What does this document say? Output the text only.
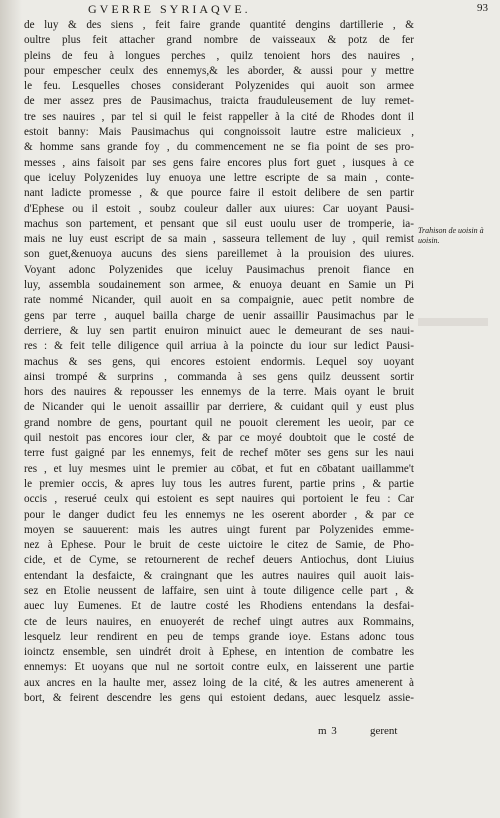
GVERRE SYRIAQVE.	93
de luy & des siens , feit faire grande quantité dengins dartillerie , &
oultre plus feit attacher grand nombre de vaisseaux & potz de fer
pleins de feu à longues perches , quilz tenoient hors des nauires ,
pour empescher ceulx des ennemys,& les aborder, & aussi pour y mettre
le feu. Lesquelles choses considerant Polyzenides qui auoit son armee
de mer assez pres de Pausimachus, traicta frauduleusement de luy remet-
tre ses nauires , par tel si quil le feist rappeller à la cité de Rhodes dont il
estoit banny: Mais Pausimachus qui congnoissoit lautre estre malicieux ,
& homme sans grande foy , du commencement ne se fia point de ses pro-
messes , ains faisoit par ses gens faire encores plus fort guet , iusques à ce
que iceluy Polyzenides luy enuoya une lettre escripte de sa main , conte-
nant ladicte promesse , & que pource faire il estoit delibere de sen partir
d'Ephese ou il estoit , soubz couleur daller aux uiures: Car uoyant Pausi-
machus son partement, et pensant que sil eust uoulu user de tromperie, ia-
mais ne luy eust escript de sa main , sasseura tellement de luy , quil remist
son guet,&enuoya aucuns des siens pareillemet à la prouision des uiures.
Voyant adonc Polyzenides que iceluy Pausimachus prenoit fiance en
luy, assembla soudainement son armee, & enuoya deuant en Samie un Pi
rate nommé Nicander, quil auoit en sa compaignie, auec petit nombre de
gens par terre , auquel bailla charge de uenir assaillir Pausimachus par le
derriere, & luy sen partit enuiron minuict auec le demeurant de ses naui-
res : & feit telle diligence quil arriua à la poincte du iour sur ledict Pausi-
machus & ses gens, qui encores estoient endormis. Lequel soy uoyant
ainsi trompé & surprins , commanda à ses gens quilz deussent sortir
hors des nauires & repousser les ennemys de la terre. Mais oyant le bruit
de Nicander qui le uenoit assaillir par derriere, & cuidant quil y eust plus
grand nombre de gens, pourtant quil ne pouoit clerement les ueoir, par ce
quil nestoit pas encores iour cler, & par ce moyé doubtoit que le costé de
terre fust gaigné par les ennemys, feit de rechef mōter ses gens sur les naui
res , et luy mesmes uint le premier au cōbat, et fut en cōbatant uaillamme't
le premier occis, & apres luy tous les autres furent, partie prins , & partie
occis , reserué ceulx qui estoient es sept nauires qui portoient le feu : Car
pour le danger dudict feu les ennemys ne les oserent aborder , & par ce
moyen se sauuerent: mais les autres uingt furent par Polyzenides emme-
nez à Ephese. Pour le bruit de ceste uictoire le citez de Samie, de Pho-
cide, et de Cyme, se retournerent de rechef deuers Antiochus, dont Liuius
entendant la desfaicte, & craingnant que les autres nauires quil auoit lais-
sez en Etolie neussent de laffaire, sen uint à toute diligence celle part , &
auec luy Eumenes. Et de lautre costé les Rhodiens entendans la desfai-
cte de leurs nauires, en enuoyerét de rechef uingt autres aux Rommains,
lesquelz leur rendirent en peu de temps grande ioye. Estans adonc tous
ioinctz ensemble, sen uindrét droit à Ephese, en intention de combatre les
ennemys: Et uoyans que nul ne sortoit contre eulx, en laisserent une partie
aux ancres en la haulte mer, assez loing de la cité, & les autres amenerent à
bort, & feirent descendre les gens qui estoient dedans, auec lesquelz assie-
Trahison de uoisin à uoisin.
m 3	gerent
